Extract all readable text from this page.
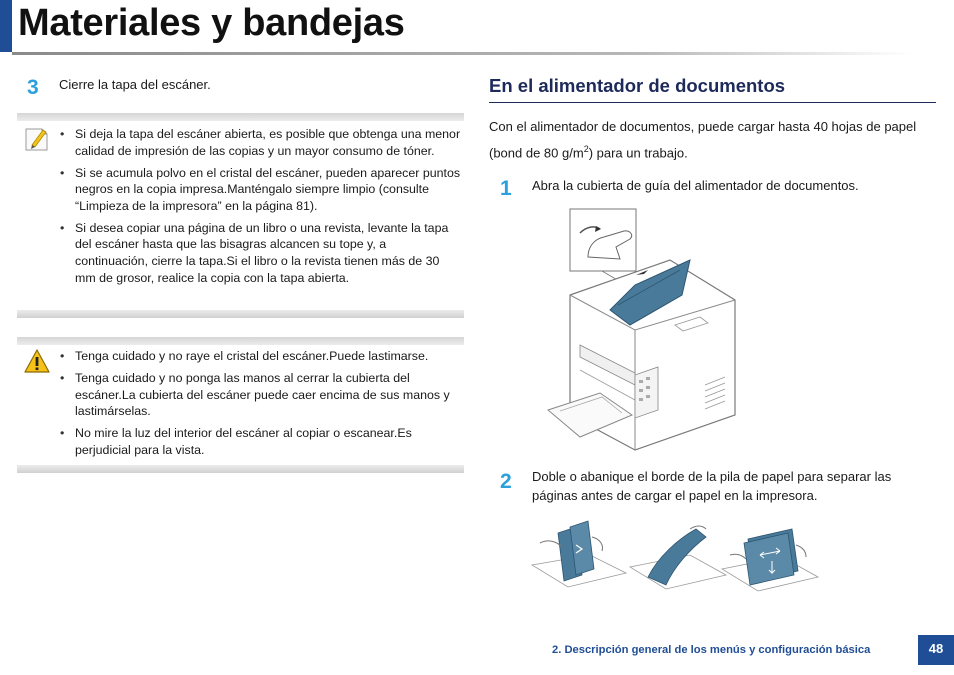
Materiales y bandejas
3 Cierre la tapa del escáner.
• Si deja la tapa del escáner abierta, es posible que obtenga una menor calidad de impresión de las copias y un mayor consumo de tóner.
• Si se acumula polvo en el cristal del escáner, pueden aparecer puntos negros en la copia impresa.Manténgalo siempre limpio (consulte “Limpieza de la impresora” en la página 81).
• Si desea copiar una página de un libro o una revista, levante la tapa del escáner hasta que las bisagras alcancen su tope y, a continuación, cierre la tapa.Si el libro o la revista tienen más de 30 mm de grosor, realice la copia con la tapa abierta.
• Tenga cuidado y no raye el cristal del escáner.Puede lastimarse.
• Tenga cuidado y no ponga las manos al cerrar la cubierta del escáner.La cubierta del escáner puede caer encima de sus manos y lastimárselas.
• No mire la luz del interior del escáner al copiar o escanear.Es perjudicial para la vista.
En el alimentador de documentos

Con el alimentador de documentos, puede cargar hasta 40 hojas de papel (bond de 80 $g/m^2$) para un trabajo.

1 Abra la cubierta de guía del alimentador de documentos.
2 Doble o abanique el borde de la pila de papel para separar las páginas antes de cargar el papel en la impresora.
2. Descripción general de los menús y configuración básica	48
